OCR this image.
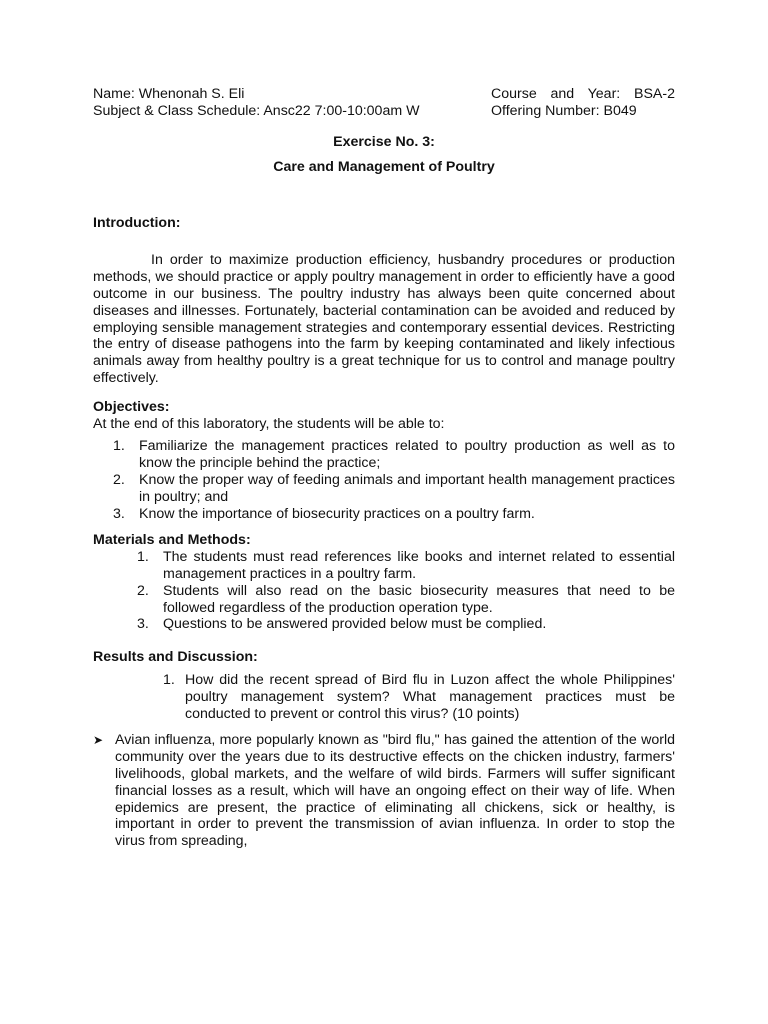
Name: Whenonah S. Eli	Course and Year: BSA-2
Subject & Class Schedule: Ansc22 7:00-10:00am W	Offering Number: B049
Exercise No. 3:
Care and Management of Poultry
Introduction:

In order to maximize production efficiency, husbandry procedures or production methods, we should practice or apply poultry management in order to efficiently have a good outcome in our business. The poultry industry has always been quite concerned about diseases and illnesses. Fortunately, bacterial contamination can be avoided and reduced by employing sensible management strategies and contemporary essential devices. Restricting the entry of disease pathogens into the farm by keeping contaminated and likely infectious animals away from healthy poultry is a great technique for us to control and manage poultry effectively.

Objectives:

At the end of this laboratory, the students will be able to:

1. Familiarize the management practices related to poultry production as well as to know the principle behind the practice;
2. Know the proper way of feeding animals and important health management practices in poultry; and
3. Know the importance of biosecurity practices on a poultry farm.
Materials and Methods:
1. The students must read references like books and internet related to essential management practices in a poultry farm.
2. Students will also read on the basic biosecurity measures that need to be followed regardless of the production operation type.
3. Questions to be answered provided below must be complied.
Results and Discussion:
1. How did the recent spread of Bird flu in Luzon affect the whole Philippines' poultry management system? What management practices must be conducted to prevent or control this virus? (10 points)
➤ Avian influenza, more popularly known as "bird flu," has gained the attention of the world community over the years due to its destructive effects on the chicken industry, farmers' livelihoods, global markets, and the welfare of wild birds. Farmers will suffer significant financial losses as a result, which will have an ongoing effect on their way of life. When epidemics are present, the practice of eliminating all chickens, sick or healthy, is important in order to prevent the transmission of avian influenza. In order to stop the virus from spreading,
